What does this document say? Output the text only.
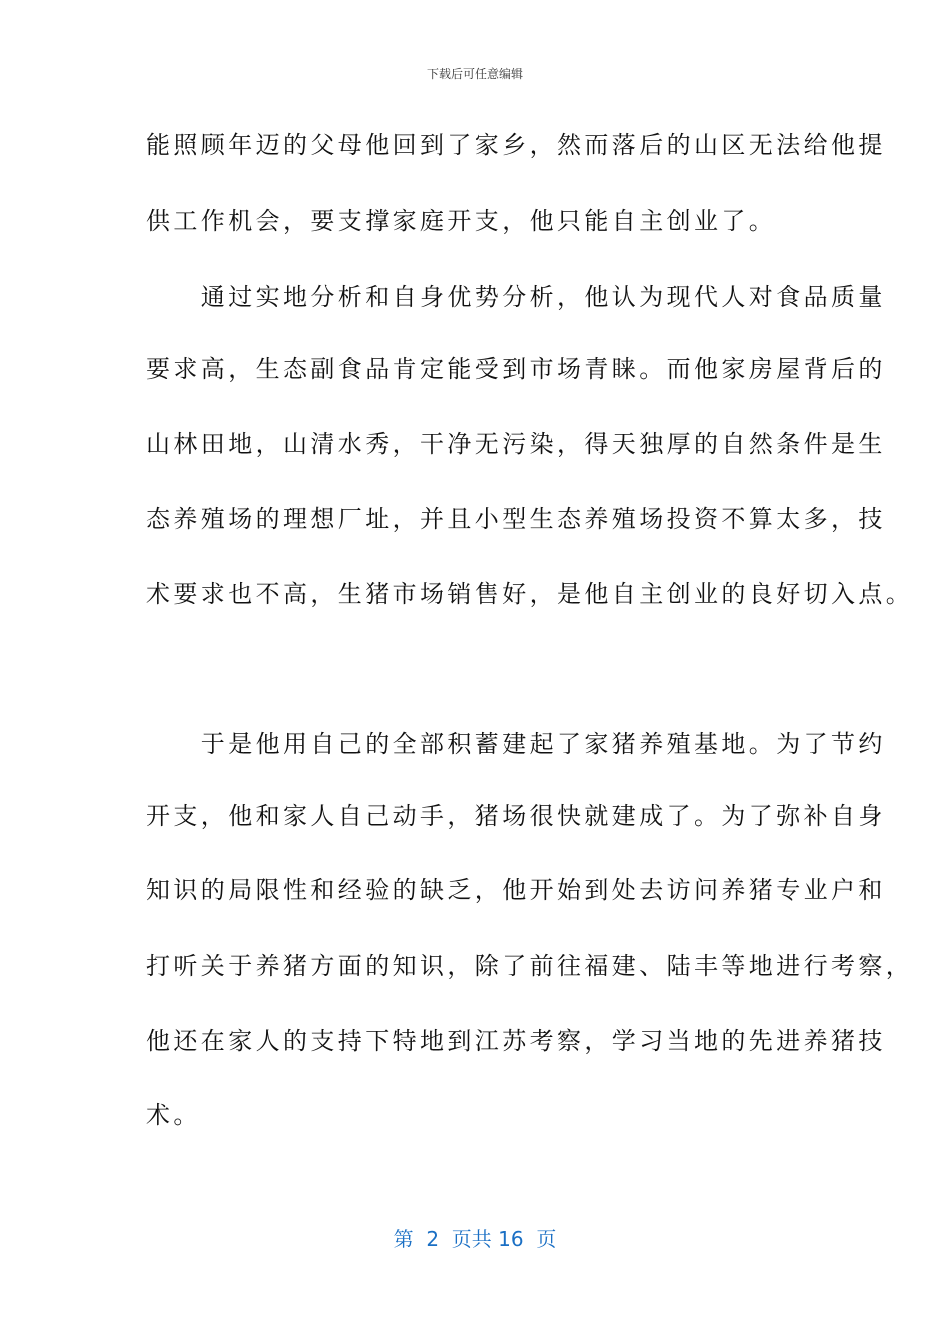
下载后可任意编辑
能照顾年迈的父母他回到了家乡，然而落后的山区无法给他提
供工作机会，要支撑家庭开支，他只能自主创业了。
　　通过实地分析和自身优势分析，他认为现代人对食品质量
要求高，生态副食品肯定能受到市场青睐。而他家房屋背后的
山林田地，山清水秀，干净无污染，得天独厚的自然条件是生
态养殖场的理想厂址，并且小型生态养殖场投资不算太多，技
术要求也不高，生猪市场销售好，是他自主创业的良好切入点。
　　于是他用自己的全部积蓄建起了家猪养殖基地。为了节约
开支，他和家人自己动手，猪场很快就建成了。为了弥补自身
知识的局限性和经验的缺乏，他开始到处去访问养猪专业户和
打听关于养猪方面的知识，除了前往福建、陆丰等地进行考察，
他还在家人的支持下特地到江苏考察，学习当地的先进养猪技
术。
第  2  页共 16  页
